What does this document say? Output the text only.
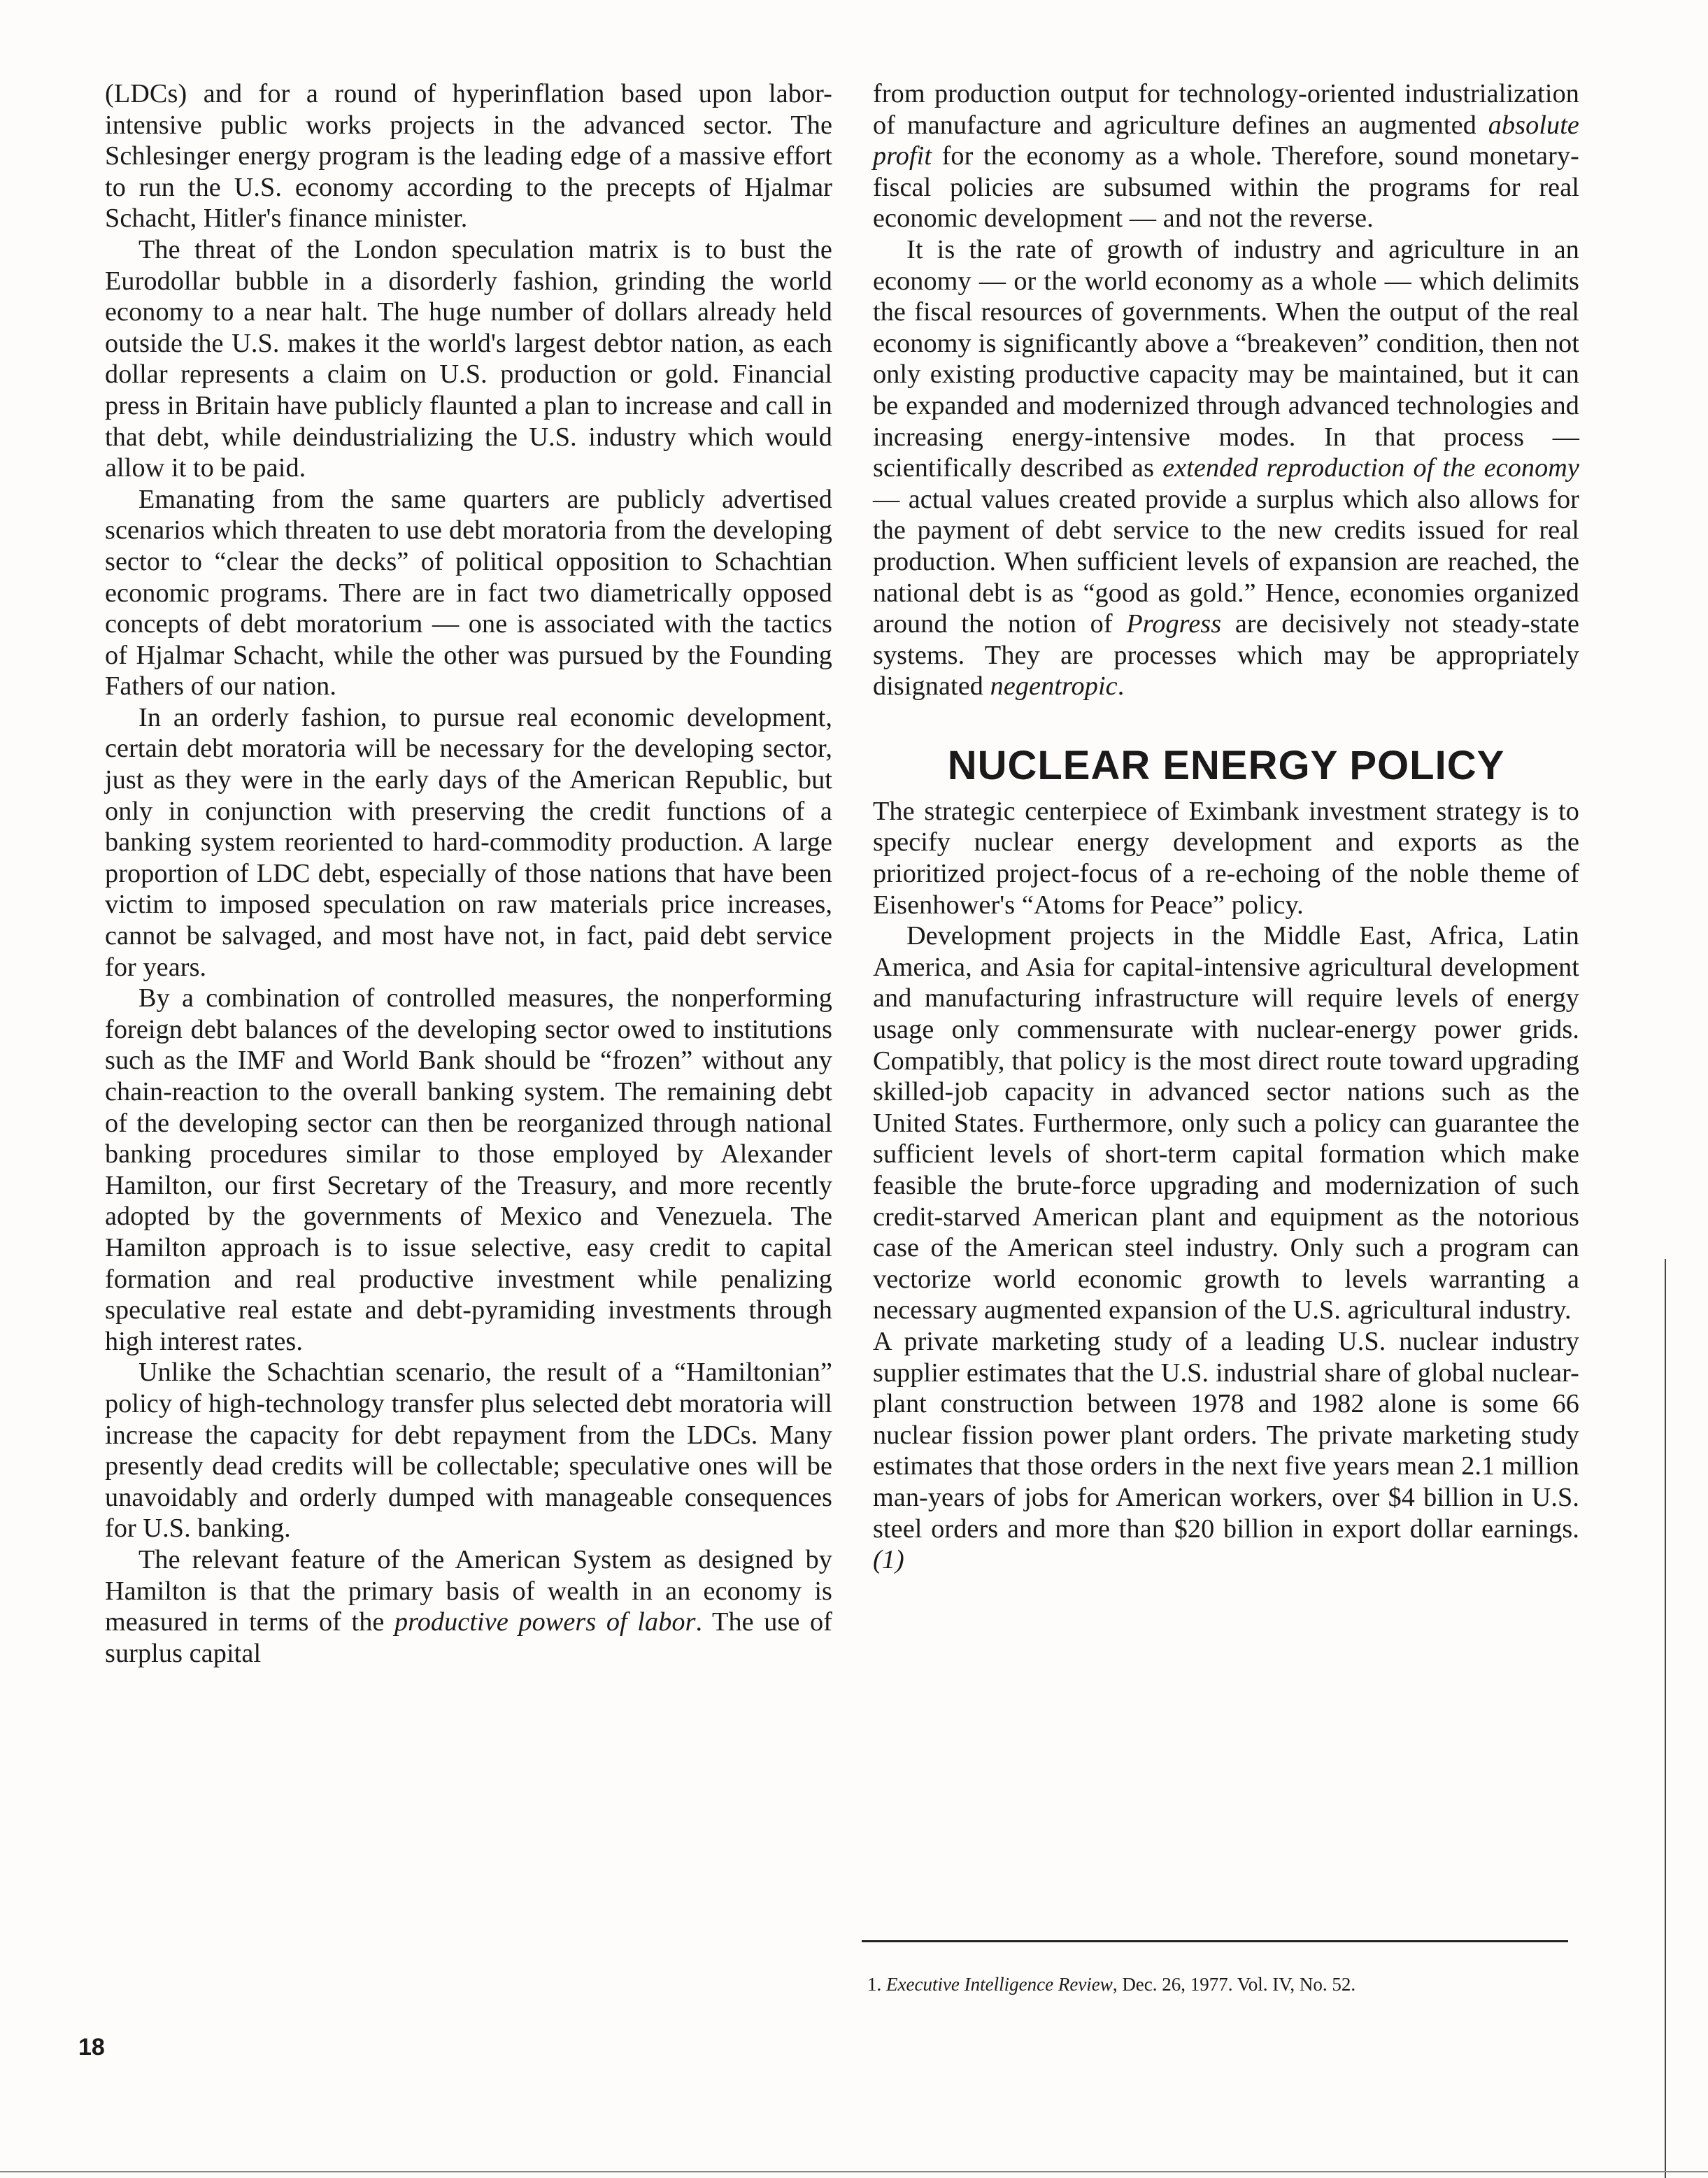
(LDCs) and for a round of hyperinflation based upon labor-intensive public works projects in the advanced sector. The Schlesinger energy program is the leading edge of a massive effort to run the U.S. economy according to the precepts of Hjalmar Schacht, Hitler's finance minister.

The threat of the London speculation matrix is to bust the Eurodollar bubble in a disorderly fashion, grinding the world economy to a near halt. The huge number of dollars already held outside the U.S. makes it the world's largest debtor nation, as each dollar represents a claim on U.S. production or gold. Financial press in Britain have publicly flaunted a plan to increase and call in that debt, while deindustrializing the U.S. industry which would allow it to be paid.

Emanating from the same quarters are publicly advertised scenarios which threaten to use debt moratoria from the developing sector to “clear the decks” of political opposition to Schachtian economic programs. There are in fact two diametrically opposed concepts of debt moratorium — one is associated with the tactics of Hjalmar Schacht, while the other was pursued by the Founding Fathers of our nation.

In an orderly fashion, to pursue real economic development, certain debt moratoria will be necessary for the developing sector, just as they were in the early days of the American Republic, but only in conjunction with preserving the credit functions of a banking system reoriented to hard-commodity production. A large proportion of LDC debt, especially of those nations that have been victim to imposed speculation on raw materials price increases, cannot be salvaged, and most have not, in fact, paid debt service for years.

By a combination of controlled measures, the nonperforming foreign debt balances of the developing sector owed to institutions such as the IMF and World Bank should be “frozen” without any chain-reaction to the overall banking system. The remaining debt of the developing sector can then be reorganized through national banking procedures similar to those employed by Alexander Hamilton, our first Secretary of the Treasury, and more recently adopted by the governments of Mexico and Venezuela. The Hamilton approach is to issue selective, easy credit to capital formation and real productive investment while penalizing speculative real estate and debt-pyramiding investments through high interest rates.

Unlike the Schachtian scenario, the result of a “Hamiltonian” policy of high-technology transfer plus selected debt moratoria will increase the capacity for debt repayment from the LDCs. Many presently dead credits will be collectable; speculative ones will be unavoidably and orderly dumped with manageable consequences for U.S. banking.

The relevant feature of the American System as designed by Hamilton is that the primary basis of wealth in an economy is measured in terms of the productive powers of labor. The use of surplus capital

from production output for technology-oriented industrialization of manufacture and agriculture defines an augmented absolute profit for the economy as a whole. Therefore, sound monetary-fiscal policies are subsumed within the programs for real economic development — and not the reverse.

It is the rate of growth of industry and agriculture in an economy — or the world economy as a whole — which delimits the fiscal resources of governments. When the output of the real economy is significantly above a “breakeven” condition, then not only existing productive capacity may be maintained, but it can be expanded and modernized through advanced technologies and increasing energy-intensive modes. In that process — scientifically described as extended reproduction of the economy — actual values created provide a surplus which also allows for the payment of debt service to the new credits issued for real production. When sufficient levels of expansion are reached, the national debt is as “good as gold.” Hence, economies organized around the notion of Progress are decisively not steady-state systems. They are processes which may be appropriately disignated negentropic.

NUCLEAR ENERGY POLICY

The strategic centerpiece of Eximbank investment strategy is to specify nuclear energy development and exports as the prioritized project-focus of a re-echoing of the noble theme of Eisenhower's “Atoms for Peace” policy.

Development projects in the Middle East, Africa, Latin America, and Asia for capital-intensive agricultural development and manufacturing infrastructure will require levels of energy usage only commensurate with nuclear-energy power grids. Compatibly, that policy is the most direct route toward upgrading skilled-job capacity in advanced sector nations such as the United States. Furthermore, only such a policy can guarantee the sufficient levels of short-term capital formation which make feasible the brute-force upgrading and modernization of such credit-starved American plant and equipment as the notorious case of the American steel industry. Only such a program can vectorize world economic growth to levels warranting a necessary augmented expansion of the U.S. agricultural industry.

A private marketing study of a leading U.S. nuclear industry supplier estimates that the U.S. industrial share of global nuclear-plant construction between 1978 and 1982 alone is some 66 nuclear fission power plant orders. The private marketing study estimates that those orders in the next five years mean 2.1 million man-years of jobs for American workers, over $4 billion in U.S. steel orders and more than $20 billion in export dollar earnings. (1)

1. Executive Intelligence Review, Dec. 26, 1977. Vol. IV, No. 52.
18
